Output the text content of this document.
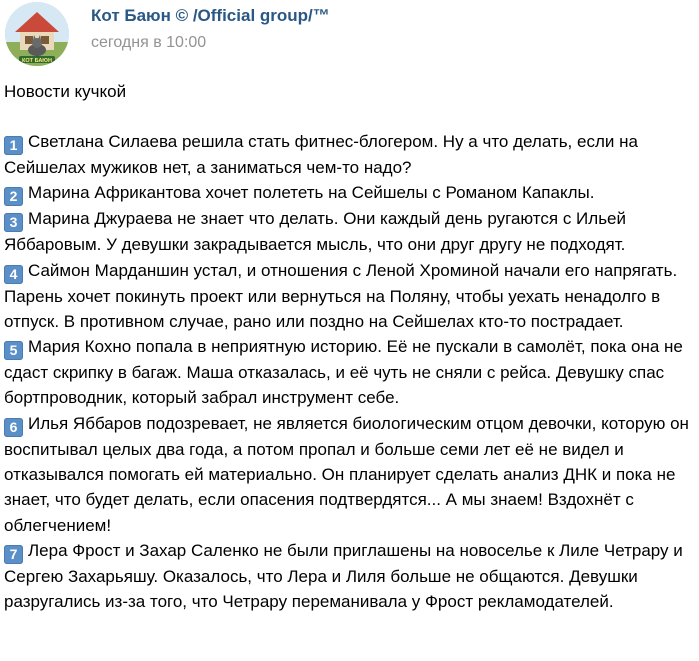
КОТ БАЮН
Кот Баюн © /Official group/™
сегодня в 10:00
Новости кучкой

1 Светлана Силаева решила стать фитнес-блогером. Ну а что делать, если на Сейшелах мужиков нет, а заниматься чем-то надо?

2 Марина Африкантова хочет полететь на Сейшелы с Романом Капаклы.

3 Марина Джураева не знает что делать. Они каждый день ругаются с Ильей Яббаровым. У девушки закрадывается мысль, что они друг другу не подходят.

4 Саймон Марданшин устал, и отношения с Леной Хроминой начали его напрягать. Парень хочет покинуть проект или вернуться на Поляну, чтобы уехать ненадолго в отпуск. В противном случае, рано или поздно на Сейшелах кто-то пострадает.

5 Мария Кохно попала в неприятную историю. Её не пускали в самолёт, пока она не сдаст скрипку в багаж. Маша отказалась, и её чуть не сняли с рейса. Девушку спас бортпроводник, который забрал инструмент себе.

6 Илья Яббаров подозревает, не является биологическим отцом девочки, которую он воспитывал целых два года, а потом пропал и больше семи лет её не видел и отказывался помогать ей материально. Он планирует сделать анализ ДНК и пока не знает, что будет делать, если опасения подтвердятся... А мы знаем! Вздохнёт с облегчением!

7 Лера Фрост и Захар Саленко не были приглашены на новоселье к Лиле Четрару и Сергею Захарьяшу. Оказалось, что Лера и Лиля больше не общаются. Девушки разругались из-за того, что Четрару переманивала у Фрост рекламодателей.
